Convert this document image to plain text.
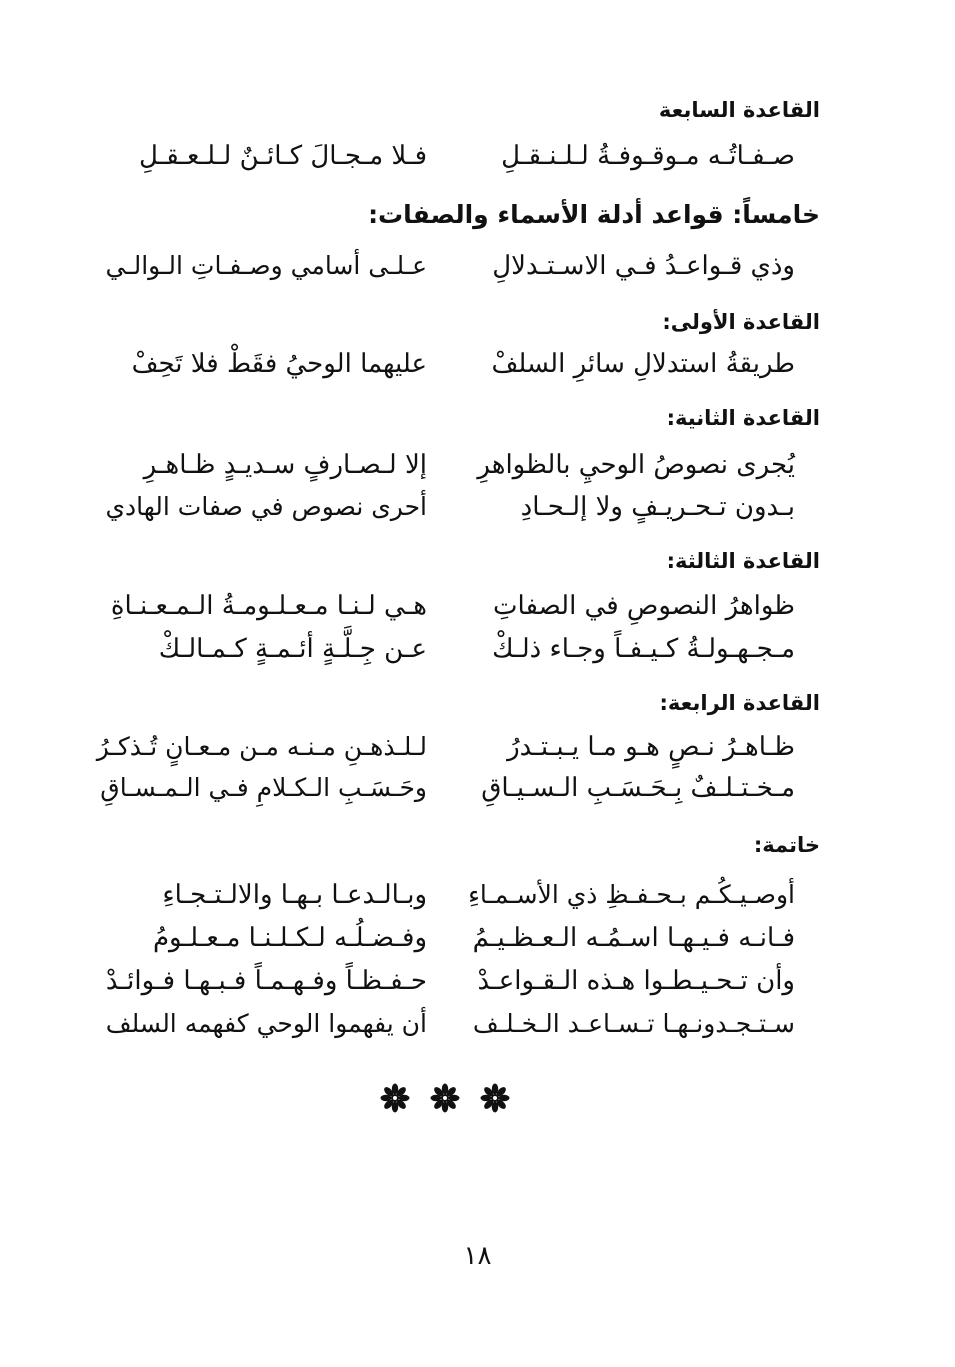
القاعدة السابعة
صـفـاتُـه مـوقـوفـةُ لـلـنـقـلِ
فـلا مـجـالَ كـائـنٌ لـلـعـقـلِ
خامساً: قواعد أدلة الأسماء والصفات:
وذي قـواعـدُ فـي الاسـتـدلالِ
عـلـى أسامي وصـفـاتِ الـوالـي
القاعدة الأولى:
طريقةُ استدلالِ سائرِ السلفْ
عليهما الوحيُ فقَطْ فلا تَحِفْ
القاعدة الثانية:
يُجرى نصوصُ الوحيِ بالظواهرِ
إلا لـصـارفٍ سـديـدٍ ظـاهـرِ
بـدون تـحـريـفٍ ولا إلـحـادِ
أحرى نصوص في صفات الهادي
القاعدة الثالثة:
ظواهرُ النصوصِ في الصفاتِ
هـي لـنـا مـعـلـومـةُ الـمـعـنـاةِ
مـجـهـولـةُ كـيـفـاً وجـاء ذلـكْ
عـن جِـلَّـةٍ أئـمـةٍ كـمـالـكْ
القاعدة الرابعة:
ظـاهـرُ نـصٍ هـو مـا يـبـتـدرُ
لـلـذهـنِ مـنـه مـن مـعـانٍ تُـذكـرُ
مـخـتـلـفٌ بِـحَـسَـبِ الـسـيـاقِ
وحَـسَـبِ الـكـلامِ فـي الـمـسـاقِ
خاتمة:
أوصـيـكُـم بـحـفـظِ ذي الأسـمـاءِ
وبـالـدعـا بـهـا والالـتـجـاءِ
فـانـه فـيـهـا اسـمُـه الـعـظـيـمُ
وفـضـلُـه لـكـلـنـا مـعـلـومُ
وأن تـحـيـطـوا هـذه الـقـواعـدْ
حـفـظـاً وفـهـمـاً فـبـهـا فـوائـدْ
سـتـجـدونـهـا تـسـاعـد الـخـلـف
أن يفهموا الوحي كفهمه السلف
١٨
